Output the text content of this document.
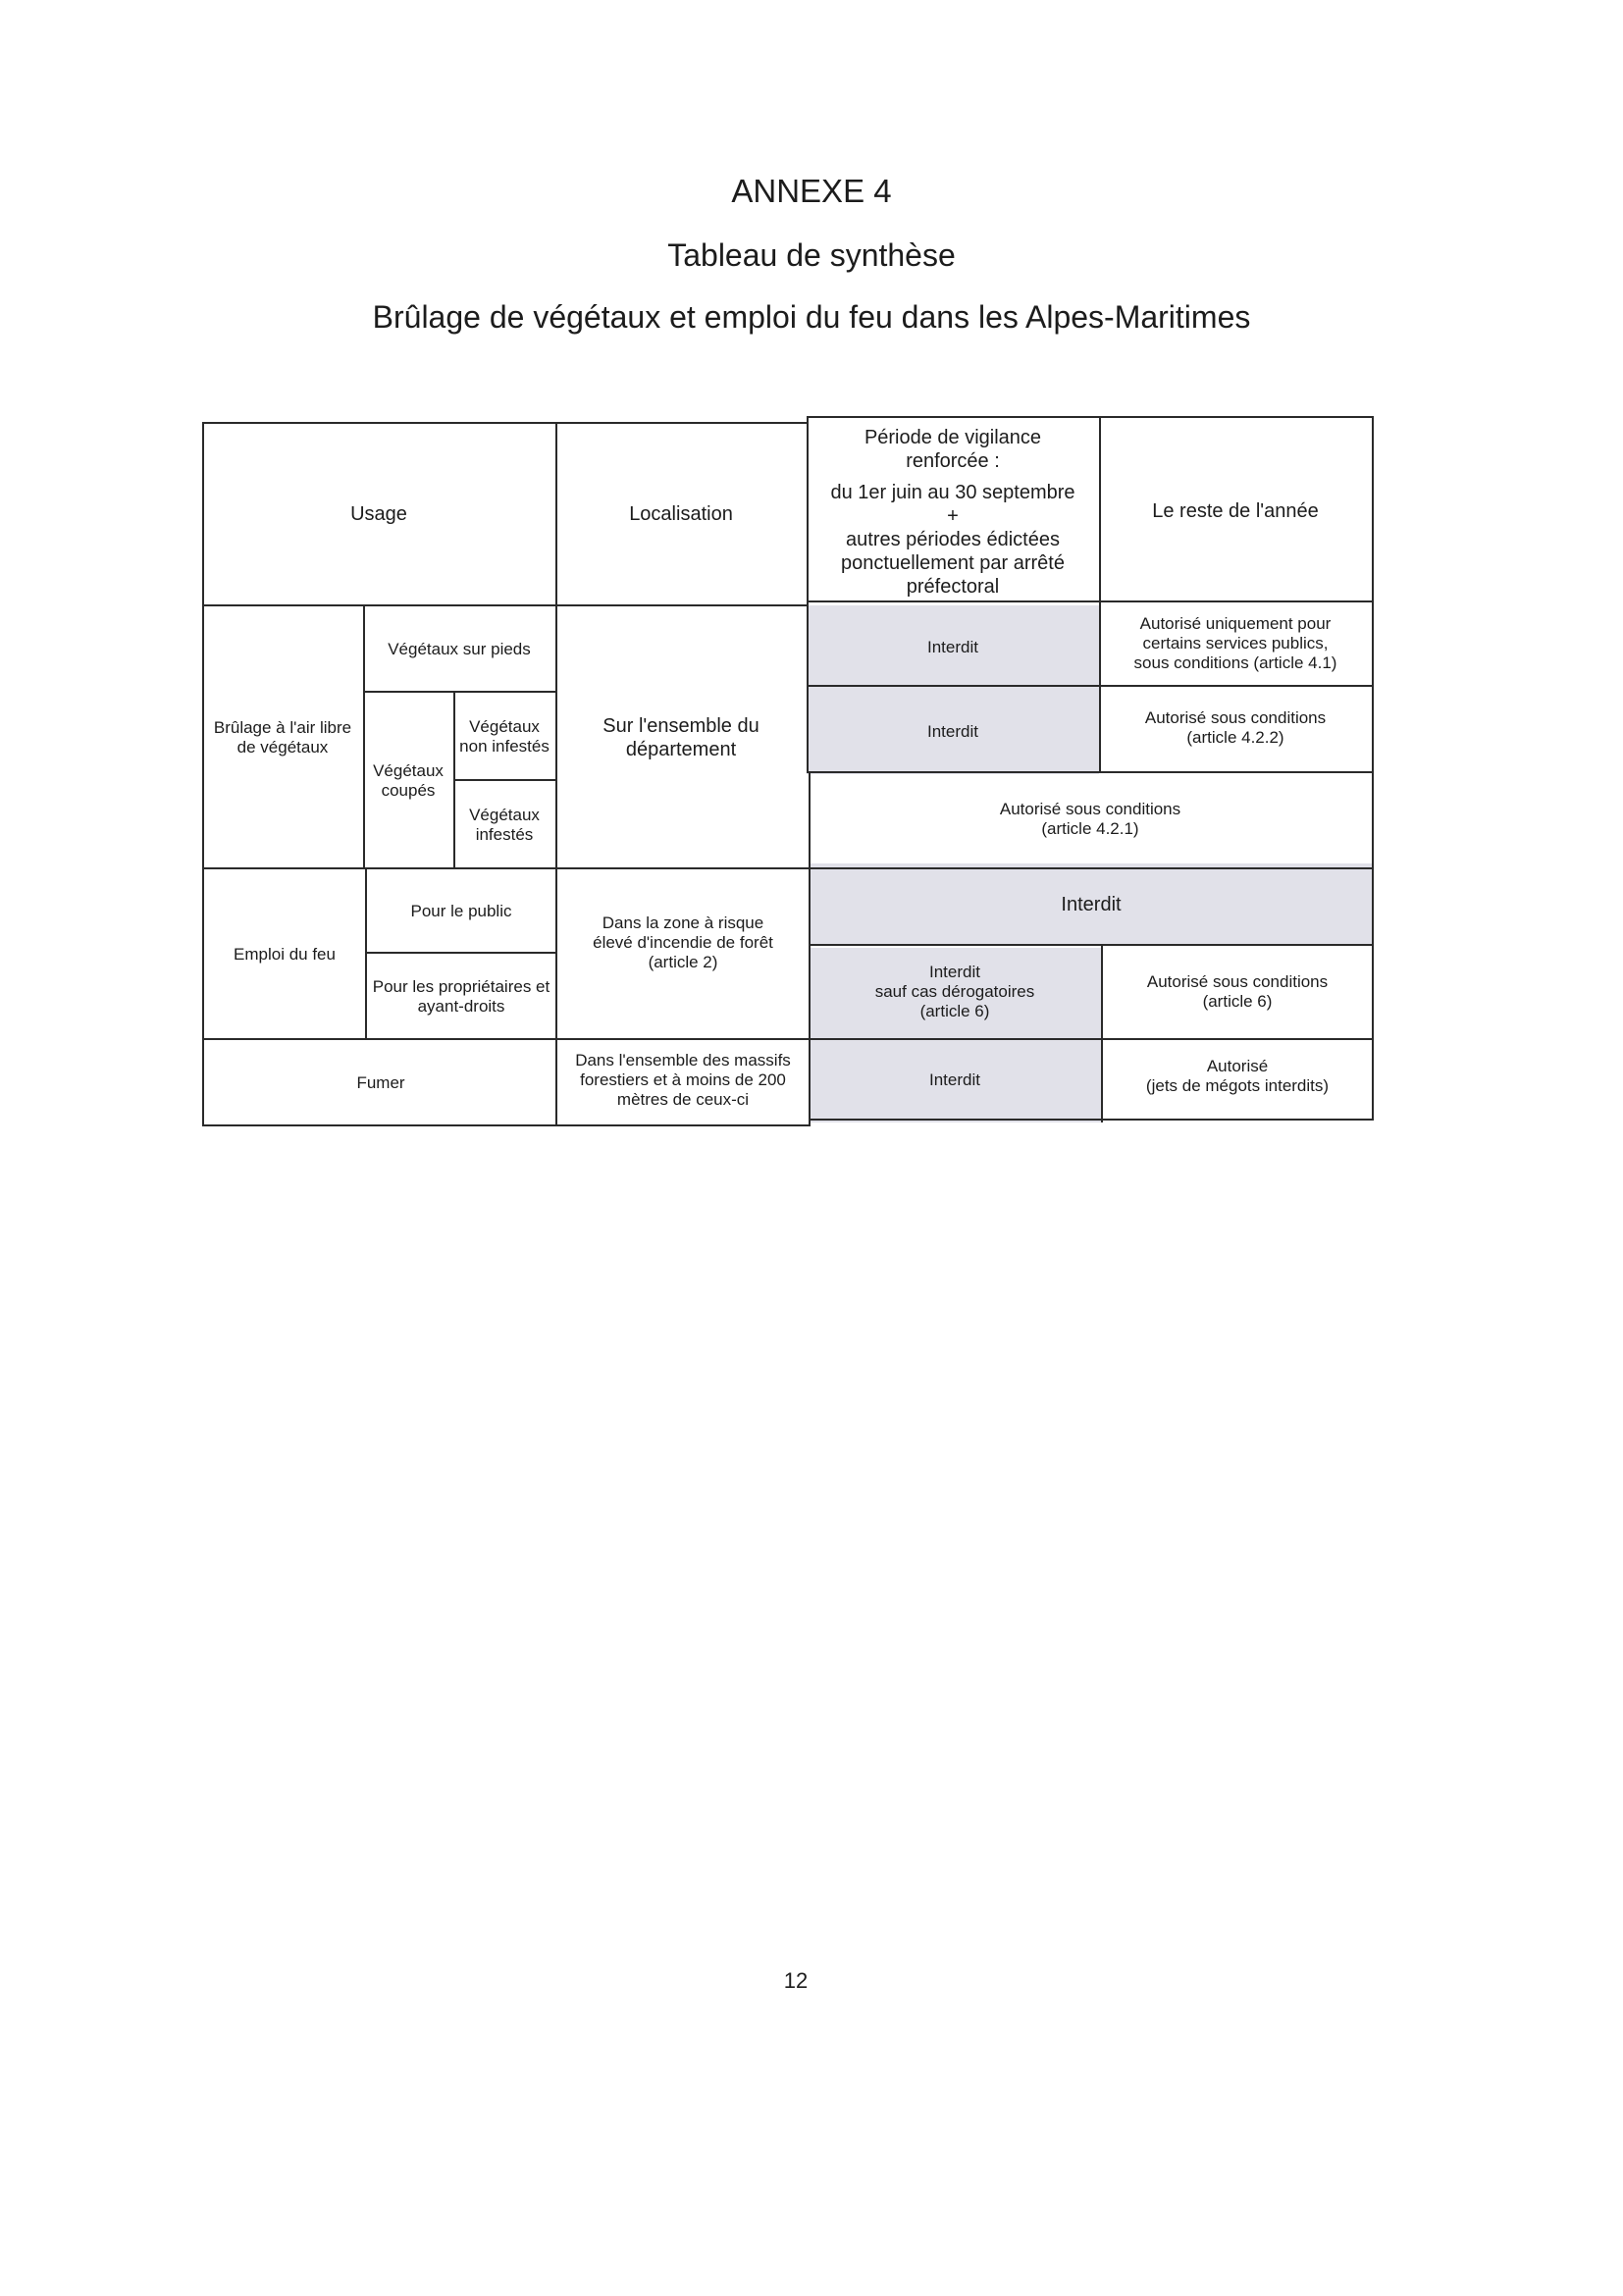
ANNEXE 4
Tableau de synthèse
Brûlage de végétaux et emploi du feu dans les Alpes-Maritimes
Usage	Localisation
Période de vigilance renforcée :
du 1er juin au 30 septembre
+
autres périodes édictées ponctuellement par arrêté préfectoral
Le reste de l'année
Brûlage à l'air libre de végétaux
Végétaux sur pieds
Végétaux coupés
Végétaux non infestés
Végétaux infestés
Sur l'ensemble du département
Interdit
Autorisé uniquement pour certains services publics, sous conditions (article 4.1)
Interdit
Autorisé sous conditions (article 4.2.2)
Autorisé sous conditions
(article 4.2.1)
Emploi du feu
Pour le public
Pour les propriétaires et ayant-droits
Dans la zone à risque élevé d'incendie de forêt
(article 2)
Interdit
Interdit
sauf cas dérogatoires
(article 6)
Autorisé sous conditions
(article 6)
Fumer
Dans l'ensemble des massifs forestiers et à moins de 200 mètres de ceux-ci
Interdit
Autorisé
(jets de mégots interdits)
12
